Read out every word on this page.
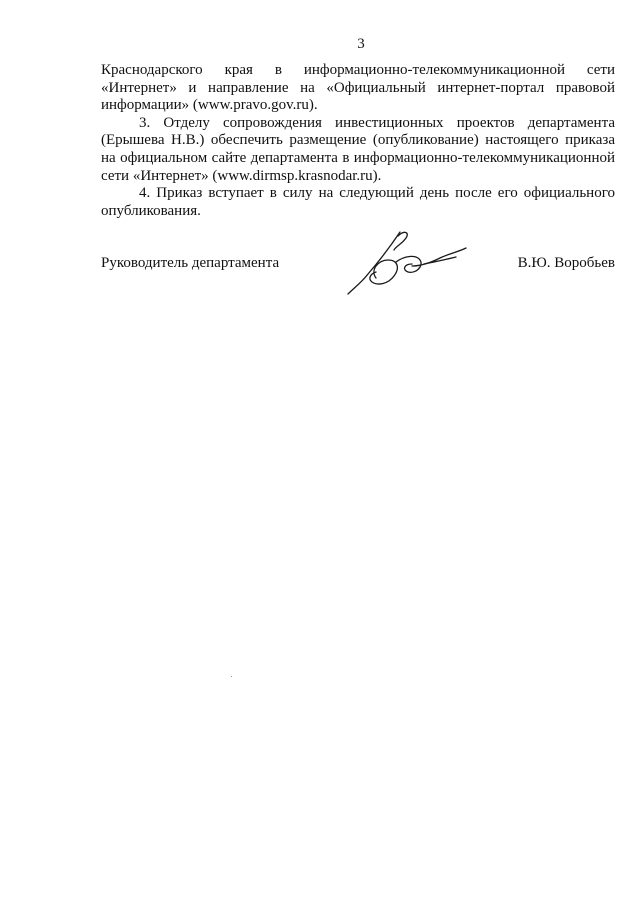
3

Краснодарского края в информационно-телекоммуникационной сети «Интернет» и направление на «Официальный интернет-портал правовой информации» (www.pravo.gov.ru).

3. Отделу сопровождения инвестиционных проектов департамента (Ерышева Н.В.) обеспечить размещение (опубликование) настоящего приказа на официальном сайте департамента в информационно-телекоммуникационной сети «Интернет» (www.dirmsp.krasnodar.ru).

4. Приказ вступает в силу на следующий день после его официального опубликования.

Руководитель департамента	В.Ю. Воробьев
